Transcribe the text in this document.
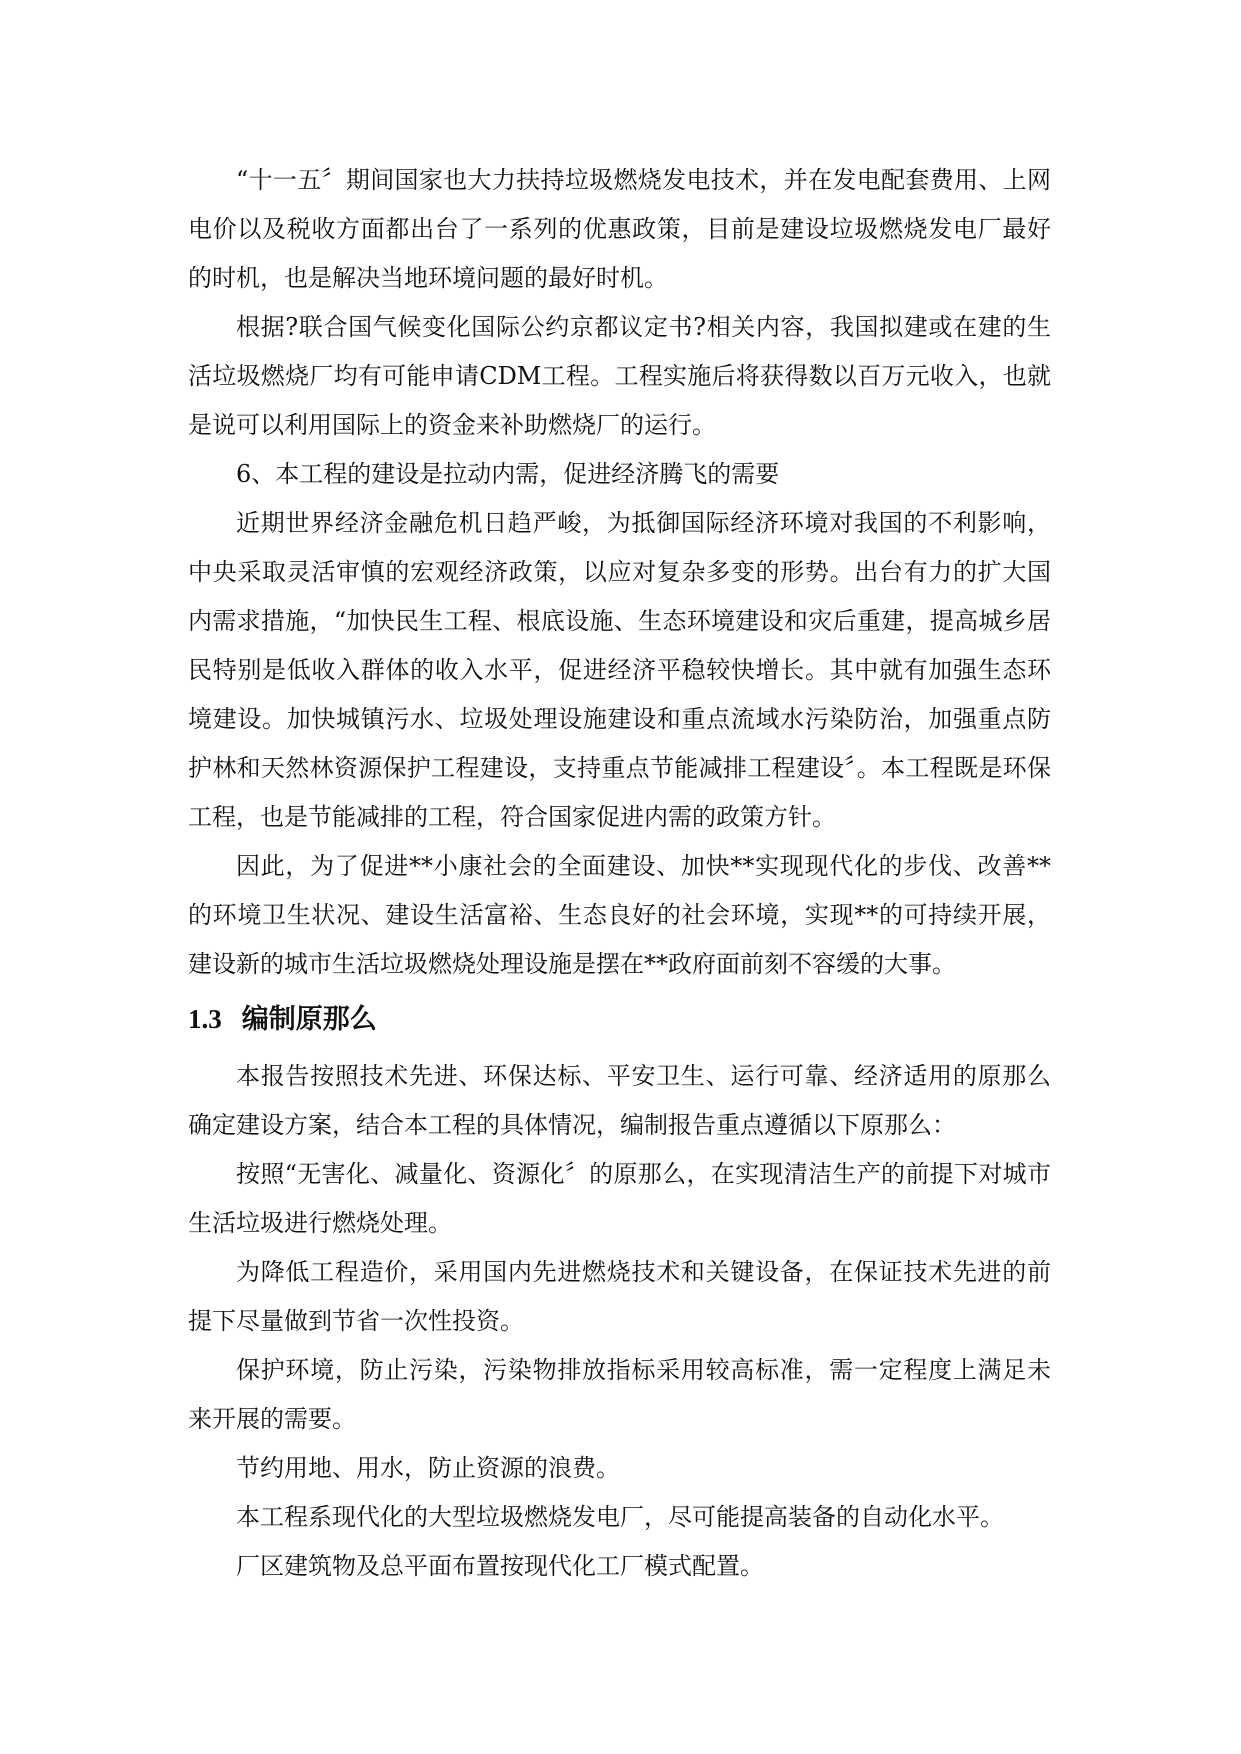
“十一五〞期间国家也大力扶持垃圾燃烧发电技术，并在发电配套费用、上网电价以及税收方面都出台了一系列的优惠政策，目前是建设垃圾燃烧发电厂最好的时机，也是解决当地环境问题的最好时机。

根据?联合国气候变化国际公约京都议定书?相关内容，我国拟建或在建的生活垃圾燃烧厂均有可能申请CDM工程。工程实施后将获得数以百万元收入，也就是说可以利用国际上的资金来补助燃烧厂的运行。

6、本工程的建设是拉动内需，促进经济腾飞的需要

近期世界经济金融危机日趋严峻，为抵御国际经济环境对我国的不利影响，中央采取灵活审慎的宏观经济政策，以应对复杂多变的形势。出台有力的扩大国内需求措施，“加快民生工程、根底设施、生态环境建设和灾后重建，提高城乡居民特别是低收入群体的收入水平，促进经济平稳较快增长。其中就有加强生态环境建设。加快城镇污水、垃圾处理设施建设和重点流域水污染防治，加强重点防护林和天然林资源保护工程建设，支持重点节能减排工程建设〞。本工程既是环保工程，也是节能减排的工程，符合国家促进内需的政策方针。

因此，为了促进**小康社会的全面建设、加快**实现现代化的步伐、改善**的环境卫生状况、建设生活富裕、生态良好的社会环境，实现**的可持续开展，建设新的城市生活垃圾燃烧处理设施是摆在**政府面前刻不容缓的大事。

1.3 编制原那么

本报告按照技术先进、环保达标、平安卫生、运行可靠、经济适用的原那么确定建设方案，结合本工程的具体情况，编制报告重点遵循以下原那么：

按照“无害化、减量化、资源化〞的原那么，在实现清洁生产的前提下对城市生活垃圾进行燃烧处理。

为降低工程造价，采用国内先进燃烧技术和关键设备，在保证技术先进的前提下尽量做到节省一次性投资。

保护环境，防止污染，污染物排放指标采用较高标准，需一定程度上满足未来开展的需要。

节约用地、用水，防止资源的浪费。

本工程系现代化的大型垃圾燃烧发电厂，尽可能提高装备的自动化水平。

厂区建筑物及总平面布置按现代化工厂模式配置。
